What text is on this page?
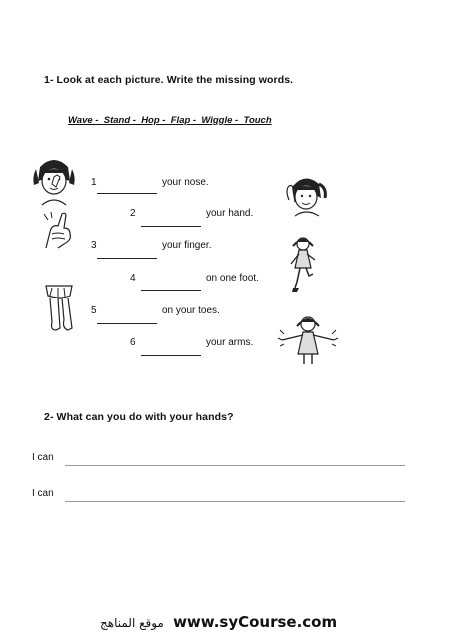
1- Look at each picture. Write the missing words.
Wave -  Stand -  Hop -  Flap -  Wiggle -  Touch
1	your nose.
2	your hand.
3	your finger.
4	on one foot.
5	on your toes.
6	your arms.
2- What can you do with your hands?
I can
I can
موقع المناهج www.syCourse.com
